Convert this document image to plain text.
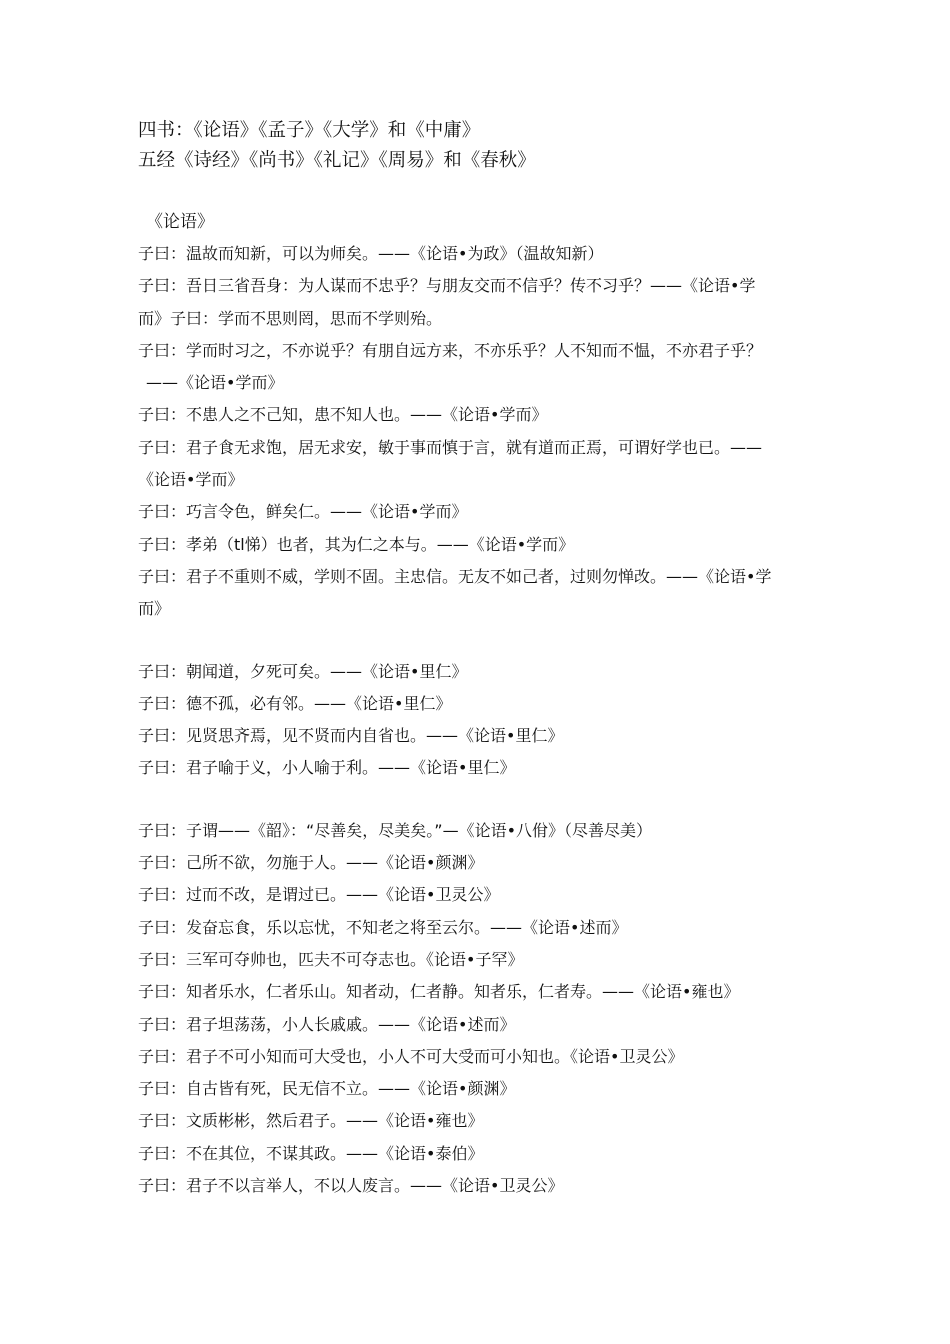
四书：《论语》《孟子》《大学》和《中庸》

五经《诗经》《尚书》《礼记》《周易》和《春秋》

《论语》

子曰：温故而知新，可以为师矣。——《论语•为政》（温故知新）

子曰：吾日三省吾身：为人谋而不忠乎？与朋友交而不信乎？传不习乎？——《论语•学

而》子曰：学而不思则罔，思而不学则殆。

子曰：学而时习之，不亦说乎？有朋自远方来，不亦乐乎？人不知而不愠，不亦君子乎？

——《论语•学而》

子曰：不患人之不己知，患不知人也。——《论语•学而》

子曰：君子食无求饱，居无求安，敏于事而慎于言，就有道而正焉，可谓好学也已。——

《论语•学而》

子曰：巧言令色，鲜矣仁。——《论语•学而》

子曰：孝弟（tl悌）也者，其为仁之本与。——《论语•学而》

子曰：君子不重则不威，学则不固。主忠信。无友不如己者，过则勿惮改。——《论语•学

而》

子曰：朝闻道，夕死可矣。——《论语•里仁》

子曰：德不孤，必有邻。——《论语•里仁》

子曰：见贤思齐焉，见不贤而内自省也。——《论语•里仁》

子曰：君子喻于义，小人喻于利。——《论语•里仁》

子曰：子谓——《韶》：“尽善矣，尽美矣。”—《论语•八佾》（尽善尽美）

子曰：己所不欲，勿施于人。——《论语•颜渊》

子曰：过而不改，是谓过已。——《论语•卫灵公》

子曰：发奋忘食，乐以忘忧，不知老之将至云尔。——《论语•述而》

子曰：三军可夺帅也，匹夫不可夺志也。《论语•子罕》

子曰：知者乐水，仁者乐山。知者动，仁者静。知者乐，仁者寿。——《论语•雍也》

子曰：君子坦荡荡，小人长戚戚。——《论语•述而》

子曰：君子不可小知而可大受也，小人不可大受而可小知也。《论语•卫灵公》

子曰：自古皆有死，民无信不立。——《论语•颜渊》

子曰：文质彬彬，然后君子。——《论语•雍也》

子曰：不在其位，不谋其政。——《论语•泰伯》

子曰：君子不以言举人，不以人废言。——《论语•卫灵公》
